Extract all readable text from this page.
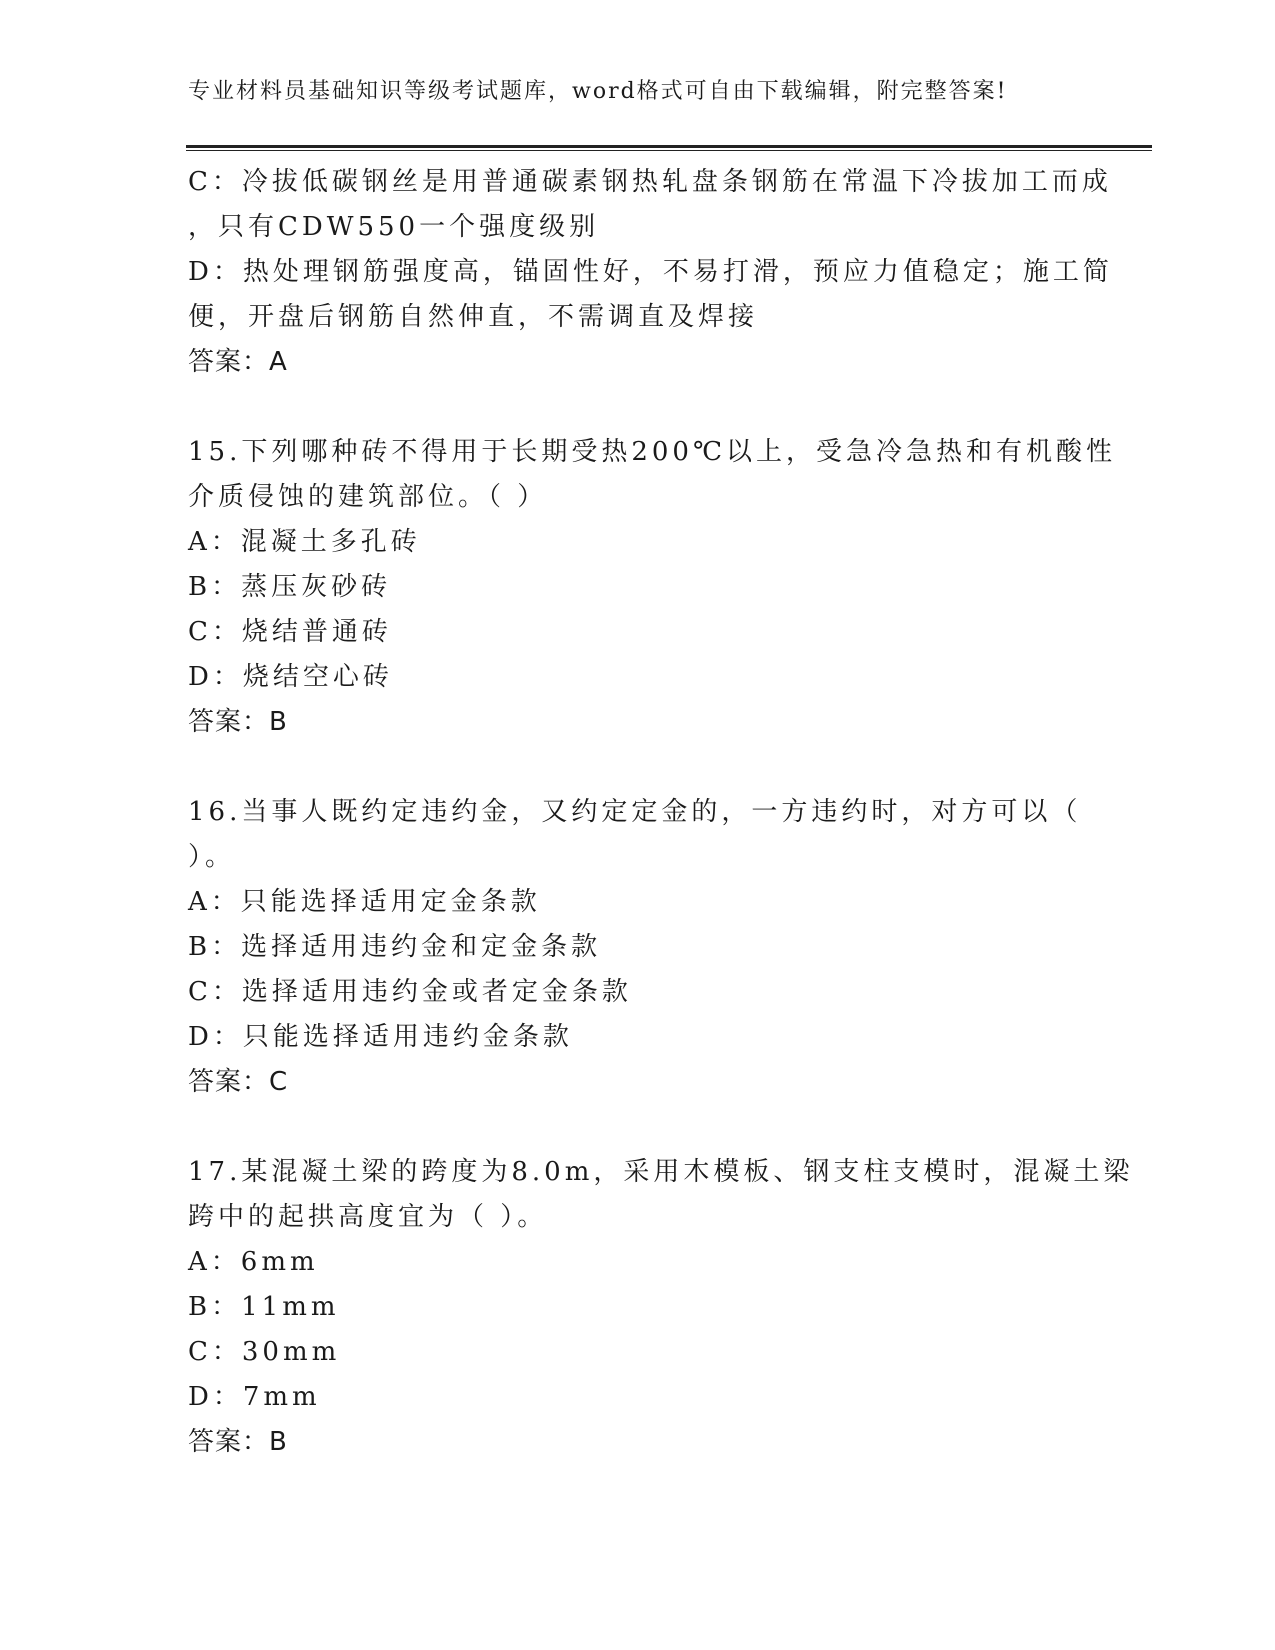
专业材料员基础知识等级考试题库，word格式可自由下载编辑，附完整答案!
C：冷拔低碳钢丝是用普通碳素钢热轧盘条钢筋在常温下冷拔加工而成
，只有CDW550一个强度级别
D：热处理钢筋强度高，锚固性好，不易打滑，预应力值稳定；施工简
便，开盘后钢筋自然伸直，不需调直及焊接
答案：A
15.下列哪种砖不得用于长期受热200℃以上，受急冷急热和有机酸性
介质侵蚀的建筑部位。（ ）
A：混凝土多孔砖
B：蒸压灰砂砖
C：烧结普通砖
D：烧结空心砖
答案：B
16.当事人既约定违约金，又约定定金的，一方违约时，对方可以（
）。
A：只能选择适用定金条款
B：选择适用违约金和定金条款
C：选择适用违约金或者定金条款
D：只能选择适用违约金条款
答案：C
17.某混凝土梁的跨度为8.0m，采用木模板、钢支柱支模时，混凝土梁
跨中的起拱高度宜为（ ）。
A：6mm
B：11mm
C：30mm
D：7mm
答案：B
